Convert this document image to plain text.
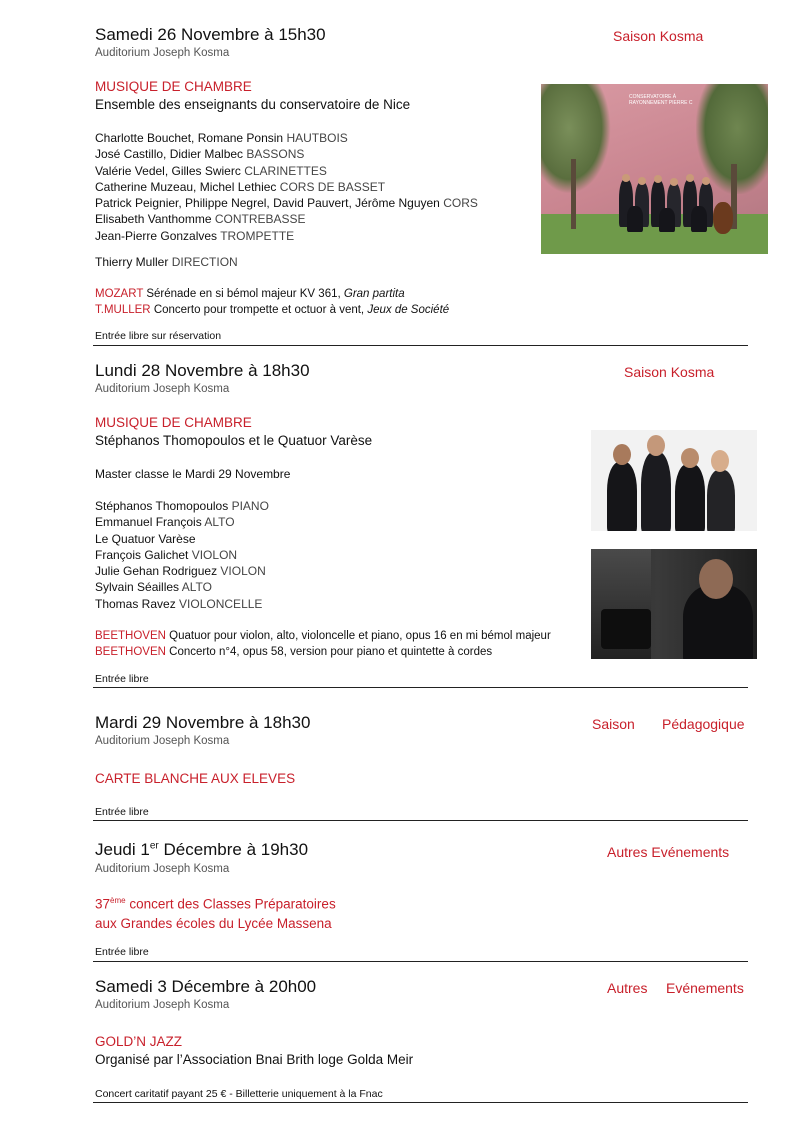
Samedi 26 Novembre à 15h30
Auditorium Joseph Kosma
Saison Kosma
MUSIQUE DE CHAMBRE
Ensemble des enseignants du conservatoire de Nice
Charlotte Bouchet, Romane Ponsin HAUTBOIS
José Castillo, Didier Malbec BASSONS
Valérie Vedel, Gilles Swierc CLARINETTES
Catherine Muzeau, Michel Lethiec CORS DE BASSET
Patrick Peignier, Philippe Negrel, David Pauvert, Jérôme Nguyen CORS
Elisabeth Vanthomme CONTREBASSE
Jean-Pierre Gonzalves TROMPETTE
Thierry Muller DIRECTION
MOZART Sérénade en si bémol majeur KV 361, Gran partita
T.MULLER Concerto pour trompette et octuor à vent, Jeux de Société
Entrée libre sur réservation
CONSERVATOIRE À RAYONNEMENT PIERRE C
Lundi 28 Novembre à 18h30
Auditorium Joseph Kosma
Saison Kosma
MUSIQUE DE CHAMBRE
Stéphanos Thomopoulos et le Quatuor Varèse
Master classe le Mardi 29 Novembre
Stéphanos Thomopoulos PIANO
Emmanuel François ALTO
Le Quatuor Varèse
François Galichet VIOLON
Julie Gehan Rodriguez VIOLON
Sylvain Séailles ALTO
Thomas Ravez VIOLONCELLE
BEETHOVEN Quatuor pour violon, alto, violoncelle et piano, opus 16 en mi bémol majeur
BEETHOVEN Concerto n°4, opus 58, version pour piano et quintette à cordes
Entrée libre
Mardi 29 Novembre à 18h30
Auditorium Joseph Kosma
Saison Pédagogique
CARTE BLANCHE AUX ELEVES
Entrée libre
Jeudi 1er Décembre à 19h30
Auditorium Joseph Kosma
Autres Evénements
37ème concert des Classes Préparatoires
aux Grandes écoles du Lycée Massena
Entrée libre
Samedi 3 Décembre à 20h00
Auditorium Joseph Kosma
Autres Evénements
GOLD’N JAZZ
Organisé par l’Association Bnai Brith loge Golda Meir
Concert caritatif payant 25 € - Billetterie uniquement à la Fnac
